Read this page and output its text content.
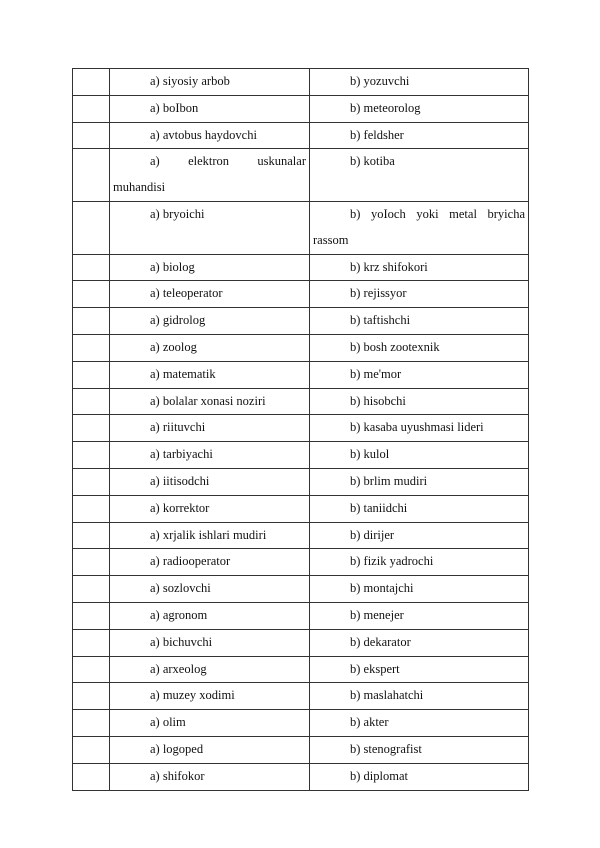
	a) siyosiy arbob	b) yozuvchi
	a) boIbon	b) meteorolog
	a) avtobus haydovchi	b) feldsher

	a) elektron uskunalar
muhandisi	b) kotiba
	a) bryoichi	b) yoIoch yoki metal bryicha
rassom

	a) biolog	b) krz shifokori
	a) teleoperator	b) rejissyor
	a) gidrolog	b) taftishchi
	a) zoolog	b) bosh zootexnik
	a) matematik	b) me'mor
	a) bolalar xonasi noziri	b) hisobchi
	a) riituvchi	b) kasaba uyushmasi lideri
	a) tarbiyachi	b) kulol
	a) iitisodchi	b) brlim mudiri
	a) korrektor	b) taniidchi
	a) xrjalik ishlari mudiri	b) dirijer
	a) radiooperator	b) fizik yadrochi
	a) sozlovchi	b) montajchi
	a) agronom	b) menejer
	a) bichuvchi	b) dekarator
	a) arxeolog	b) ekspert
	a) muzey xodimi	b) maslahatchi
	a) olim	b) akter
	a) logoped	b) stenografist
	a) shifokor	b) diplomat
